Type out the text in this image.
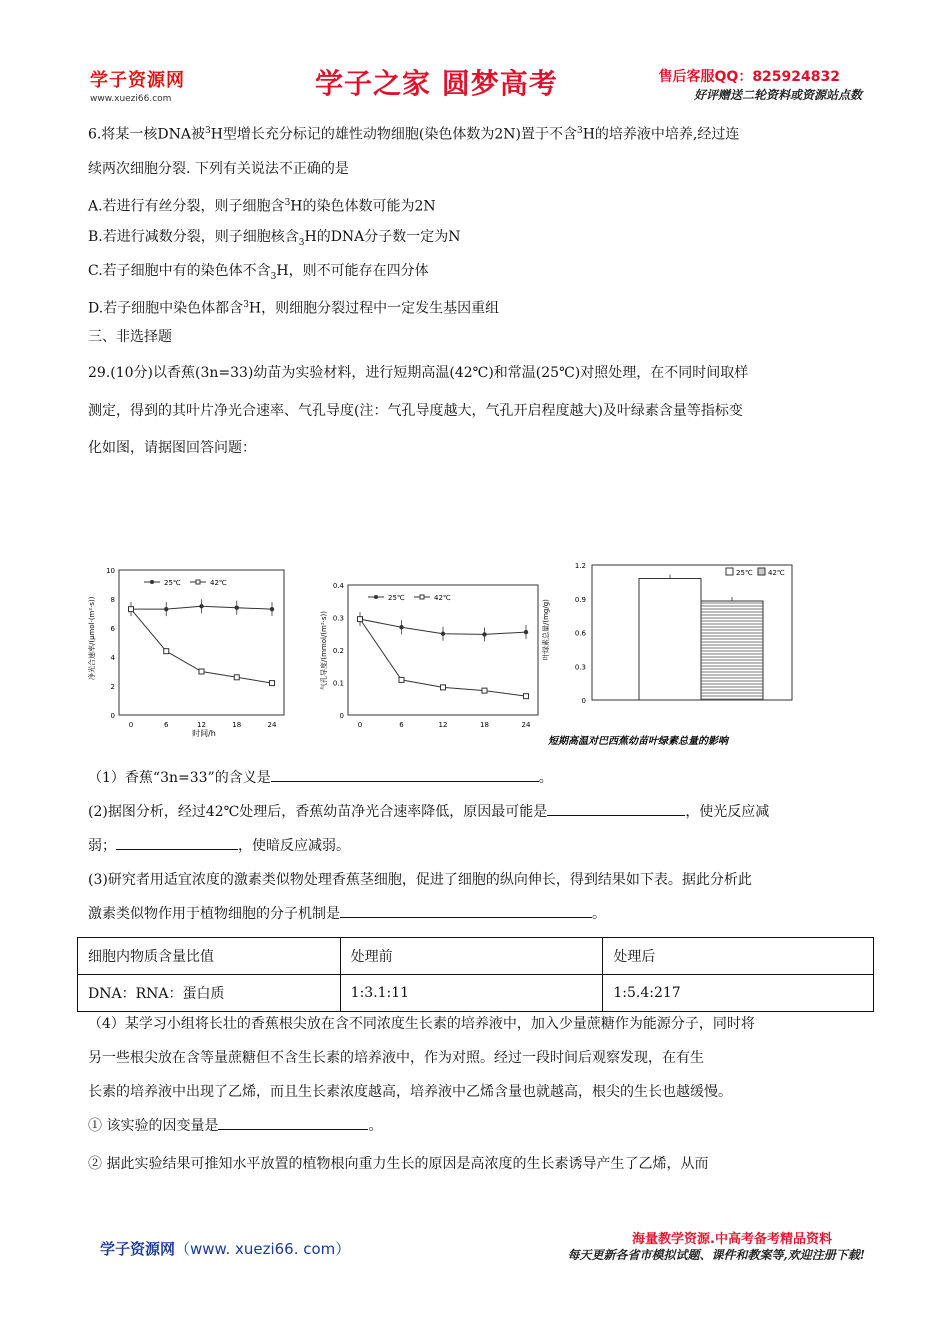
学子资源网
www.xuezi66.com	学子之家 圆梦高考	售后客服QQ：825924832
好评赠送二轮资料或资源站点数
6.将某一核DNA被$^3$H型增长充分标记的雄性动物细胞(染色体数为2N)置于不含$^3$H的培养液中培养,经过连
续两次细胞分裂. 下列有关说法不正确的是
A.若进行有丝分裂，则子细胞含$^3$H的染色体数可能为2N
B.若进行减数分裂，则子细胞核含$_3$H的DNA分子数一定为N
C.若子细胞中有的染色体不含$_3$H，则不可能存在四分体
D.若子细胞中染色体都含$^3$H，则细胞分裂过程中一定发生基因重组
三、非选择题
29.(10分)以香蕉(3n=33)幼苗为实验材料，进行短期高温(42℃)和常温(25℃)对照处理，在不同时间取样
测定，得到的其叶片净光合速率、气孔导度(注：气孔导度越大，气孔开启程度越大)及叶绿素含量等指标变
化如图，请据图回答问题：
净光合速率/(μmol·(m²·s))
时间/h
25℃	42℃
0
2
4
6
8
10
0	6	12	18	24
气孔导度/(mmol/(m²·s))
25℃	42℃
0
0.1
0.2
0.3
0.4
0	6	12	18	24
叶绿素总量/(mg/g)
短期高温对巴西蕉幼苗叶绿素总量的影响
25℃ 42℃
0
0.3
0.6
0.9
1.2
（1）香蕉“3n=33”的含义是	。
(2)据图分析，经过42℃处理后，香蕉幼苗净光合速率降低，原因最可能是	，使光反应减
弱；	，使暗反应减弱。
(3)研究者用适宜浓度的激素类似物处理香蕉茎细胞，促进了细胞的纵向伸长，得到结果如下表。据此分析此
激素类似物作用于植物细胞的分子机制是	。
细胞内物质含量比值	处理前	处理后
DNA：RNA：蛋白质	1:3.1:11	1:5.4:217
（4）某学习小组将长壮的香蕉根尖放在含不同浓度生长素的培养液中，加入少量蔗糖作为能源分子，同时将
另一些根尖放在含等量蔗糖但不含生长素的培养液中，作为对照。经过一段时间后观察发现，在有生
长素的培养液中出现了乙烯，而且生长素浓度越高，培养液中乙烯含量也就越高，根尖的生长也越缓慢。
① 该实验的因变量是	。
② 据此实验结果可推知水平放置的植物根向重力生长的原因是高浓度的生长素诱导产生了乙烯，从而
学子资源网（www. xuezi66. com）
海量教学资源.中高考备考精品资料
每天更新各省市模拟试题、课件和教案等,欢迎注册下载!
